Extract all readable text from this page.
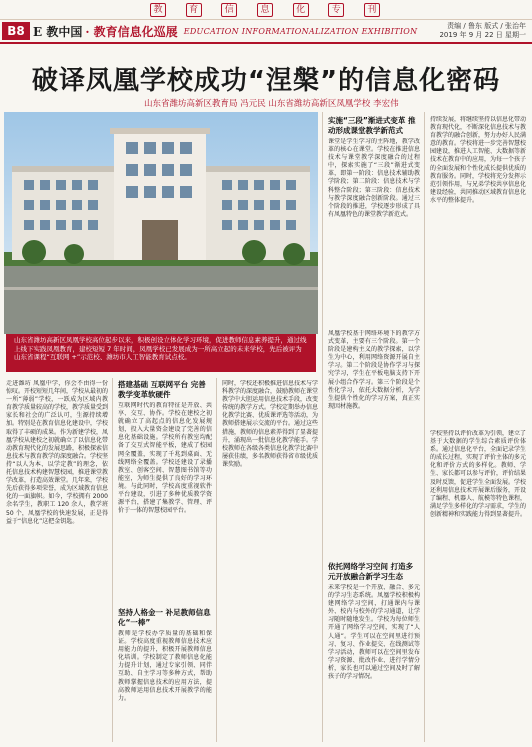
教	育	信	息	化	专	刊
B8 E 教中国 · 教育信息化巡展 EDUCATION INFORMATIONALIZATION EXHIBITION
责编 / 鲁东 版式 / 张治年
2019 年 9 月 22 日 星期一
破译凤凰学校成功“涅槃”的信息化密码
山东省潍坊高新区教育局 冯元民 山东省潍坊高新区凤凰学校 李宏伟
山东省潍坊高新区凤凰学校高位起步以来，积极创设立体化学习环境，促进教师信息素养提升，通过线上线下实践凤凰教育，建校短短 7 年时间，凤凰学校已发展成为一所高立起的未来学校，先后被评为山东省课程“互联网 +”示范校、潍坊市人工智能教育试点校。
走进潍坊 凤凰中学，你会不由得一份惊叹。开校短短几年间，学校从最初的一所“薄弱”学校，一跃成为区域内教育教学质量较高的学校，教学质量受到家长和社会的广泛认可，生源持续增加。特别是在教育信息化建设中，学校取得了丰硕的成果。作为新建学校，凤凰学校从建校之初就确立了以信息化带动教育现代化的发展思路，积极探索信息技术与教育教学的深度融合。学校坚持“以人为本、以学定教”的理念，依托信息技术构建智慧校园，推进课堂教学改革，打造高效课堂。几年来，学校先后获得多项荣誉，成为区域教育信息化的一面旗帜。如今，学校拥有 2000 余名学生，教职工 120 余人，教学班 50 个，凤凰学校的快速发展，正是得益于“信息化”这把金钥匙。
搭建基础 互联网平台 完善教学变革软硬件
互联网时代的教育特征是开放、共享、交互、协作。学校在建校之初就确立了高起点的信息化发展规划，投入大量资金建设了完善的信息化基础设施。学校所有教室均配备了交互式智能平板，建成了校园网全覆盖，实现了千兆到桌面、无线网络全覆盖。学校还建设了录播教室、创客空间、智慧图书馆等功能室，为师生提供了良好的学习环境。与此同时，学校高度重视软件平台建设，引进了多种优质教学资源平台，搭建了集教学、管理、评价于一体的智慧校园平台。
坚持人格金一 补足教师信息化“一棒”
教师是学校办学质量的基础和保证。学校高度重视教师信息技术应用能力的提升，积极开展教师信息化培训。学校制定了教师信息化能力提升计划，通过专家引领、同伴互助、自主学习等多种方式，帮助教师掌握信息技术的应用方法，提高教师运用信息技术开展教学的能力。
同时，学校还积极推进信息技术与学科教学的深度融合，鼓励教师在课堂教学中大胆运用信息技术手段，改变传统的教学方式。学校定期举办信息化教学比赛、优质课评选等活动，为教师搭建展示交流的平台。通过这些措施，教师的信息素养得到了显著提升，涌现出一批信息化教学能手。学校教师在各级各类信息化教学比赛中屡获佳绩，多名教师获得省市级优质课奖励。
实施“三段”渐进式变革 推动形成课堂教学新范式
课堂是学生学习的主阵地，教学改革的核心在课堂。学校在推进信息技术与课堂教学深度融合的过程中，探索实施了“三段”渐进式变革，即第一阶段：信息技术辅助教学阶段；第二阶段：信息技术与学科整合阶段；第三阶段：信息技术与教学深度融合创新阶段。通过三个阶段的推进，学校逐步形成了具有凤凰特色的课堂教学新范式。
凤凰学校基于网络环境下的教学方式变革，主要有三个阶段。第一个阶段是建构主义的教学探索，以学生为中心，利用网络资源开展自主学习。第二个阶段是协作学习与探究学习，学生在平板电脑支持下开展小组合作学习。第三个阶段是个性化学习，依托大数据分析，为学生提供个性化的学习方案，真正实现因材施教。
依托网络学习空间 打造多元开放融合新学习生态
未来学校是一个开放、融合、多元的学习生态系统。凤凰学校积极构建网络学习空间，打通课内与课外、校内与校外的学习通道，让学习随时随地发生。学校为每位师生开通了网络学习空间，实现了“人人通”。学生可以在空间里进行预习、复习、作业提交、在线测试等学习活动，教师可以在空间里发布学习资源、批改作业、进行学情分析，家长也可以通过空间及时了解孩子的学习情况。
持续发展，将继续坚持以信息化带动教育现代化，不断深化信息技术与教育教学的融合创新，努力办好人民满意的教育。学校将进一步完善智慧校园建设，推进人工智能、大数据等新技术在教育中的应用，为每一个孩子的全面发展和个性化成长提供优质的教育服务。同时，学校将充分发挥示范引领作用，与兄弟学校共享信息化建设经验，共同推动区域教育信息化水平的整体提升。
学校坚持以评价改革为引领，建立了基于大数据的学生综合素质评价体系。通过信息化平台，全面记录学生的成长过程，实现了评价主体的多元化和评价方式的多样化。教师、学生、家长都可以参与评价，评价结果及时反馈，促进学生全面发展。学校还利用信息技术开展课后服务，开设了编程、机器人、航模等特色课程，满足学生多样化的学习需求，学生的创新精神和实践能力得到显著提升。
